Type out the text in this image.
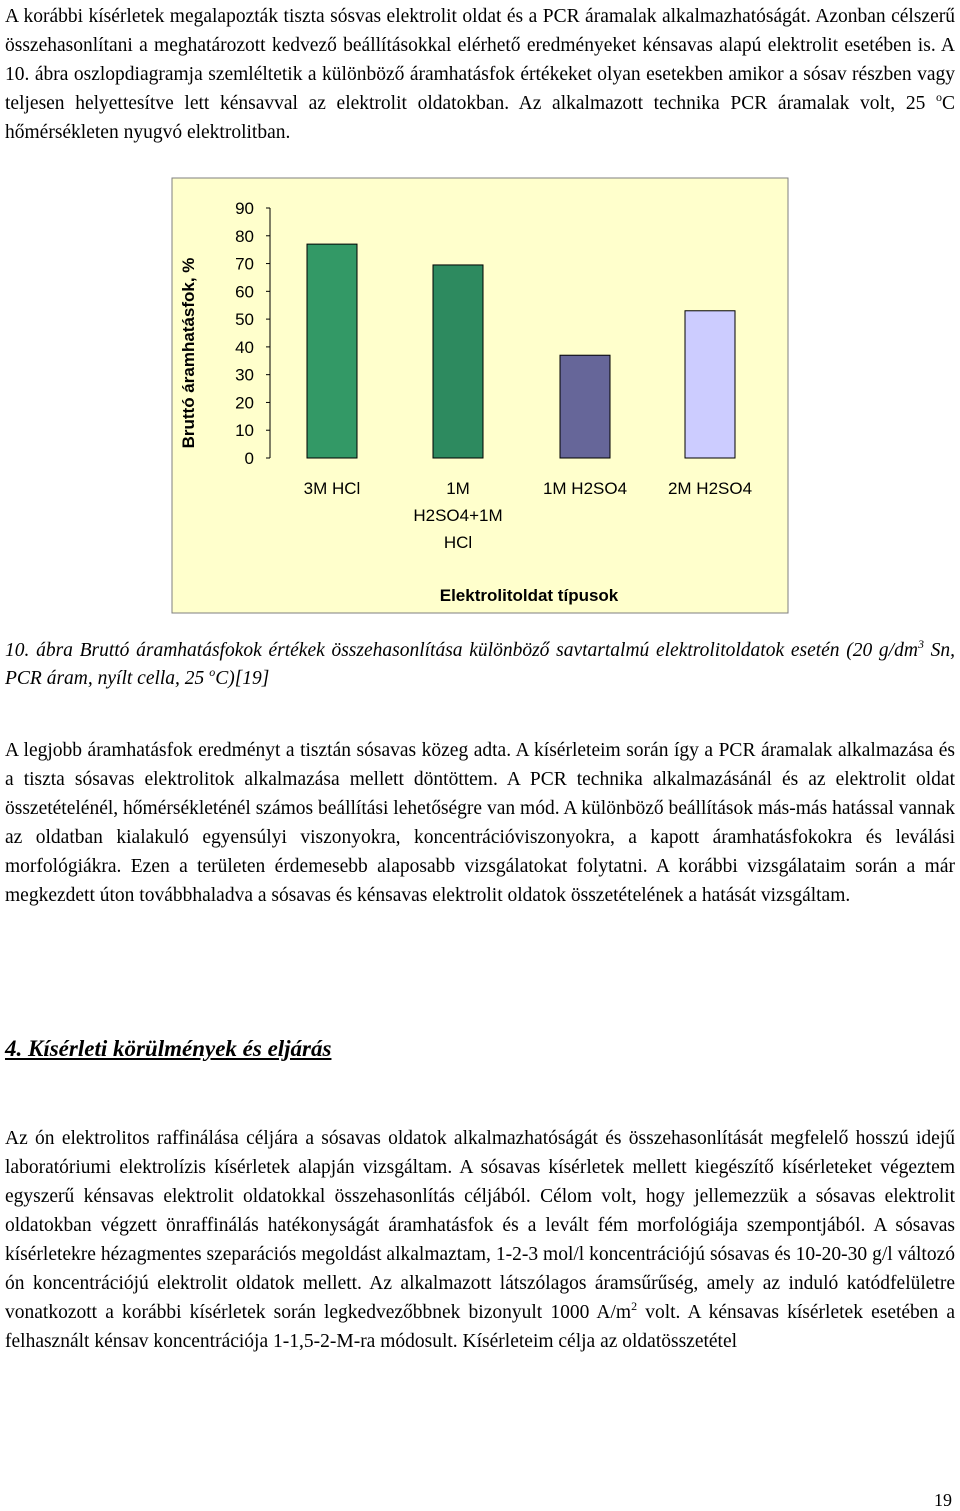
A korábbi kísérletek megalapozták tiszta sósvas elektrolit oldat és a PCR áramalak alkalmazhatóságát. Azonban célszerű összehasonlítani a meghatározott kedvező beállításokkal elérhető eredményeket kénsavas alapú elektrolit esetében is. A 10. ábra oszlopdiagramja szemléltetik a különböző áramhatásfok értékeket olyan esetekben amikor a sósav részben vagy teljesen helyettesítve lett kénsavval az elektrolit oldatokban. Az alkalmazott technika PCR áramalak volt, 25 $^o$C hőmérsékleten nyugvó elektrolitban.

Bruttó áramhatásfok, %
0
10
20
30
40
50
60
70
80
90
3M HCl	1M
H2SO4+1M
HCl
1M H2SO4 2M H2SO4
Elektrolitoldat típusok

10. ábra Bruttó áramhatásfokok értékek összehasonlítása különböző savtartalmú elektrolitoldatok esetén (20 $g/dm^3$ Sn, PCR áram, nyílt cella, 25 $^o$C)[19]

A legjobb áramhatásfok eredményt a tisztán sósavas közeg adta. A kísérleteim során így a PCR áramalak alkalmazása és a tiszta sósavas elektrolitok alkalmazása mellett döntöttem. A PCR technika alkalmazásánál és az elektrolit oldat összetételénél, hőmérsékleténél számos beállítási lehetőségre van mód. A különböző beállítások más-más hatással vannak az oldatban kialakuló egyensúlyi viszonyokra, koncentrációviszonyokra, a kapott áramhatásfokokra és leválási morfológiákra. Ezen a területen érdemesebb alaposabb vizsgálatokat folytatni. A korábbi vizsgálataim során a már megkezdett úton továbbhaladva a sósavas és kénsavas elektrolit oldatok összetételének a hatását vizsgáltam.

4. Kísérleti körülmények és eljárás

Az ón elektrolitos raffinálása céljára a sósavas oldatok alkalmazhatóságát és összehasonlítását megfelelő hosszú idejű laboratóriumi elektrolízis kísérletek alapján vizsgáltam. A sósavas kísérletek mellett kiegészítő kísérleteket végeztem egyszerű kénsavas elektrolit oldatokkal összehasonlítás céljából. Célom volt, hogy jellemezzük a sósavas elektrolit oldatokban végzett önraffinálás hatékonyságát áramhatásfok és a levált fém morfológiája szempontjából. A sósavas kísérletekre hézagmentes szeparációs megoldást alkalmaztam, 1-2-3 mol/l koncentrációjú sósavas és 10-20-30 g/l változó ón koncentrációjú elektrolit oldatok mellett. Az alkalmazott látszólagos áramsűrűség, amely az induló katódfelületre vonatkozott a korábbi kísérletek során legkedvezőbbnek bizonyult 1000 $A/m^2$ volt. A kénsavas kísérletek esetében a felhasznált kénsav koncentrációja 1-1,5-2-M-ra módosult. Kísérleteim célja az oldatösszetétel

19
